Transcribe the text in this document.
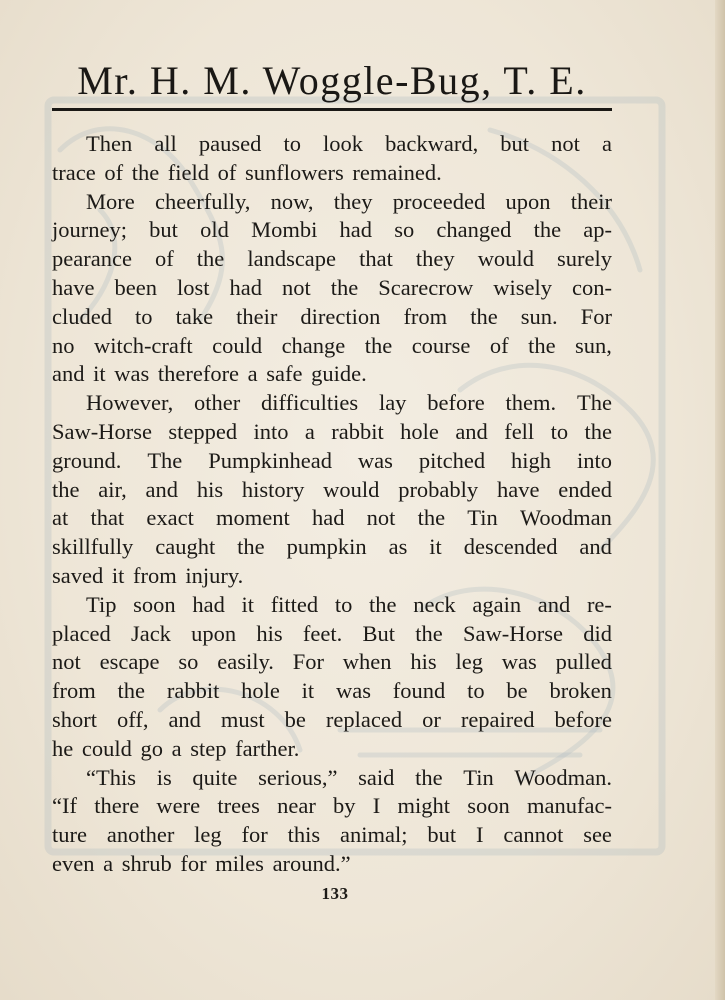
Mr. H. M. Woggle-Bug, T. E.
Then all paused to look backward, but not a
trace of the field of sunflowers remained.
More cheerfully, now, they proceeded upon their
journey; but old Mombi had so changed the ap-
pearance of the landscape that they would surely
have been lost had not the Scarecrow wisely con-
cluded to take their direction from the sun. For
no witch-craft could change the course of the sun,
and it was therefore a safe guide.
However, other difficulties lay before them. The
Saw-Horse stepped into a rabbit hole and fell to the
ground. The Pumpkinhead was pitched high into
the air, and his history would probably have ended
at that exact moment had not the Tin Woodman
skillfully caught the pumpkin as it descended and
saved it from injury.
Tip soon had it fitted to the neck again and re-
placed Jack upon his feet. But the Saw-Horse did
not escape so easily. For when his leg was pulled
from the rabbit hole it was found to be broken
short off, and must be replaced or repaired before
he could go a step farther.
“This is quite serious,” said the Tin Woodman.
“If there were trees near by I might soon manufac-
ture another leg for this animal; but I cannot see
even a shrub for miles around.”
133
